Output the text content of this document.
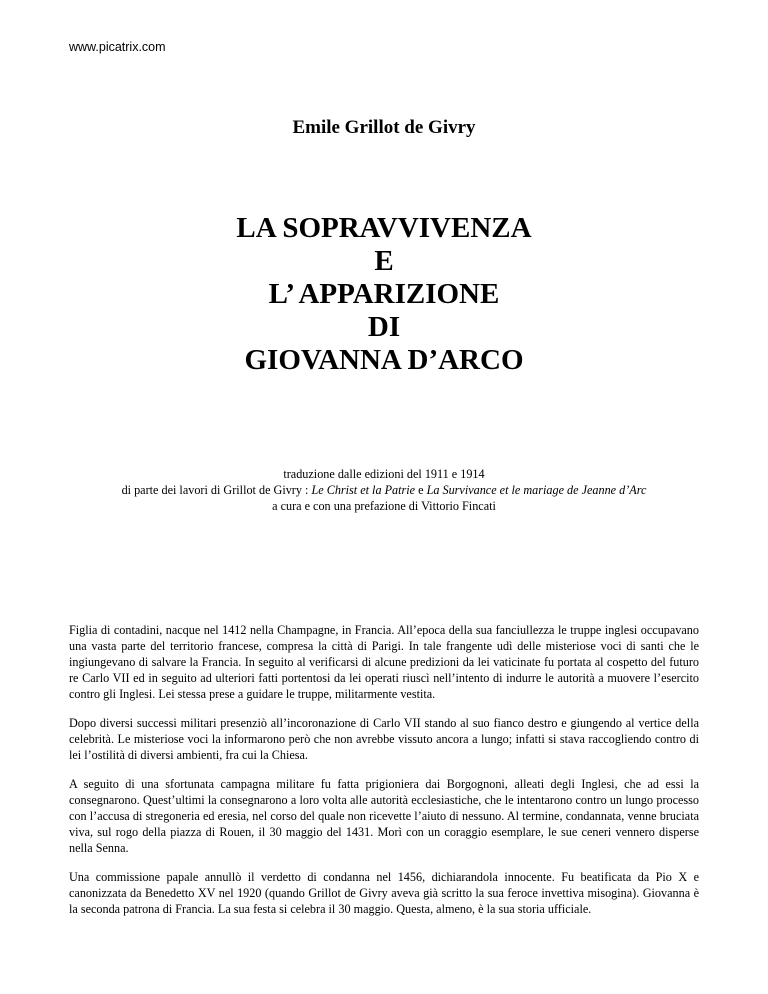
www.picatrix.com
Emile Grillot de Givry
LA SOPRAVVIVENZA
E
L’ APPARIZIONE
DI
GIOVANNA D’ARCO
traduzione dalle edizioni del 1911 e 1914
di parte dei lavori di Grillot de Givry : Le Christ et la Patrie e La Survivance et le mariage de Jeanne d’Arc
a cura e con una prefazione di Vittorio Fincati

Figlia di contadini, nacque nel 1412 nella Champagne, in Francia. All’epoca della sua fanciullezza le truppe inglesi occupavano una vasta parte del territorio francese, compresa la città di Parigi. In tale frangente udì delle misteriose voci di santi che le ingiungevano di salvare la Francia. In seguito al verificarsi di alcune predizioni da lei vaticinate fu portata al cospetto del futuro re Carlo VII ed in seguito ad ulteriori fatti portentosi da lei operati riuscì nell’intento di indurre le autorità a muovere l’esercito contro gli Inglesi. Lei stessa prese a guidare le truppe, militarmente vestita.

Dopo diversi successi militari presenziò all’incoronazione di Carlo VII stando al suo fianco destro e giungendo al vertice della celebrità. Le misteriose voci la informarono però che non avrebbe vissuto ancora a lungo; infatti si stava raccogliendo contro di lei l’ostilità di diversi ambienti, fra cui la Chiesa.

A seguito di una sfortunata campagna militare fu fatta prigioniera dai Borgognoni, alleati degli Inglesi, che ad essi la consegnarono. Quest’ultimi la consegnarono a loro volta alle autorità ecclesiastiche, che le intentarono contro un lungo processo con l’accusa di stregoneria ed eresia, nel corso del quale non ricevette l’aiuto di nessuno. Al termine, condannata, venne bruciata viva, sul rogo della piazza di Rouen, il 30 maggio del 1431. Morì con un coraggio esemplare, le sue ceneri vennero disperse nella Senna.

Una commissione papale annullò il verdetto di condanna nel 1456, dichiarandola innocente. Fu beatificata da Pio X e canonizzata da Benedetto XV nel 1920 (quando Grillot de Givry aveva già scritto la sua feroce invettiva misogina). Giovanna è la seconda patrona di Francia. La sua festa si celebra il 30 maggio. Questa, almeno, è la sua storia ufficiale.
